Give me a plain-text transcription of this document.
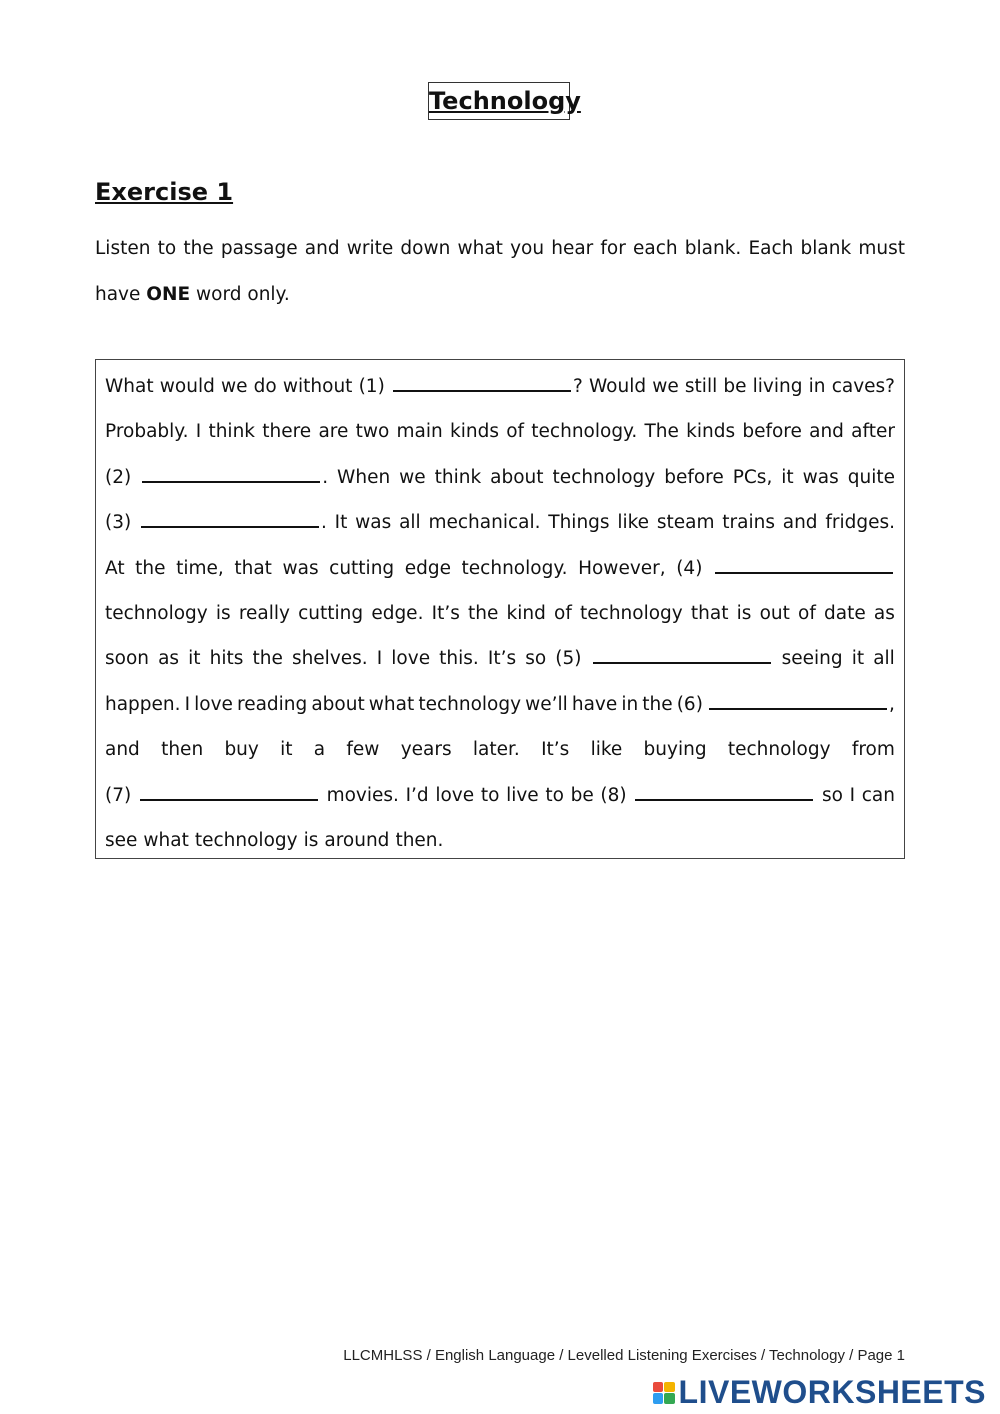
Technology
Exercise 1
Listen to the passage and write down what you hear for each blank. Each blank must have ONE word only.
What would we do without (1)	? Would we still be living in caves?
Probably. I think there are two main kinds of technology. The kinds before and after
(2)	. When we think about technology before PCs, it was quite
(3)	. It was all mechanical. Things like steam trains and fridges.
At the time, that was cutting edge technology. However, (4)
technology is really cutting edge. It’s the kind of technology that is out of date as
soon as it hits the shelves. I love this. It’s so (5)	seeing it all
happen. I love reading about what technology we’ll have in the (6)	,
and then buy it a few years later. It’s like buying technology from
(7)	movies. I’d love to live to be (8)	so I can
see what technology is around then.
LLCMHLSS / English Language / Levelled Listening Exercises / Technology / Page 1
LIVEWORKSHEETS
